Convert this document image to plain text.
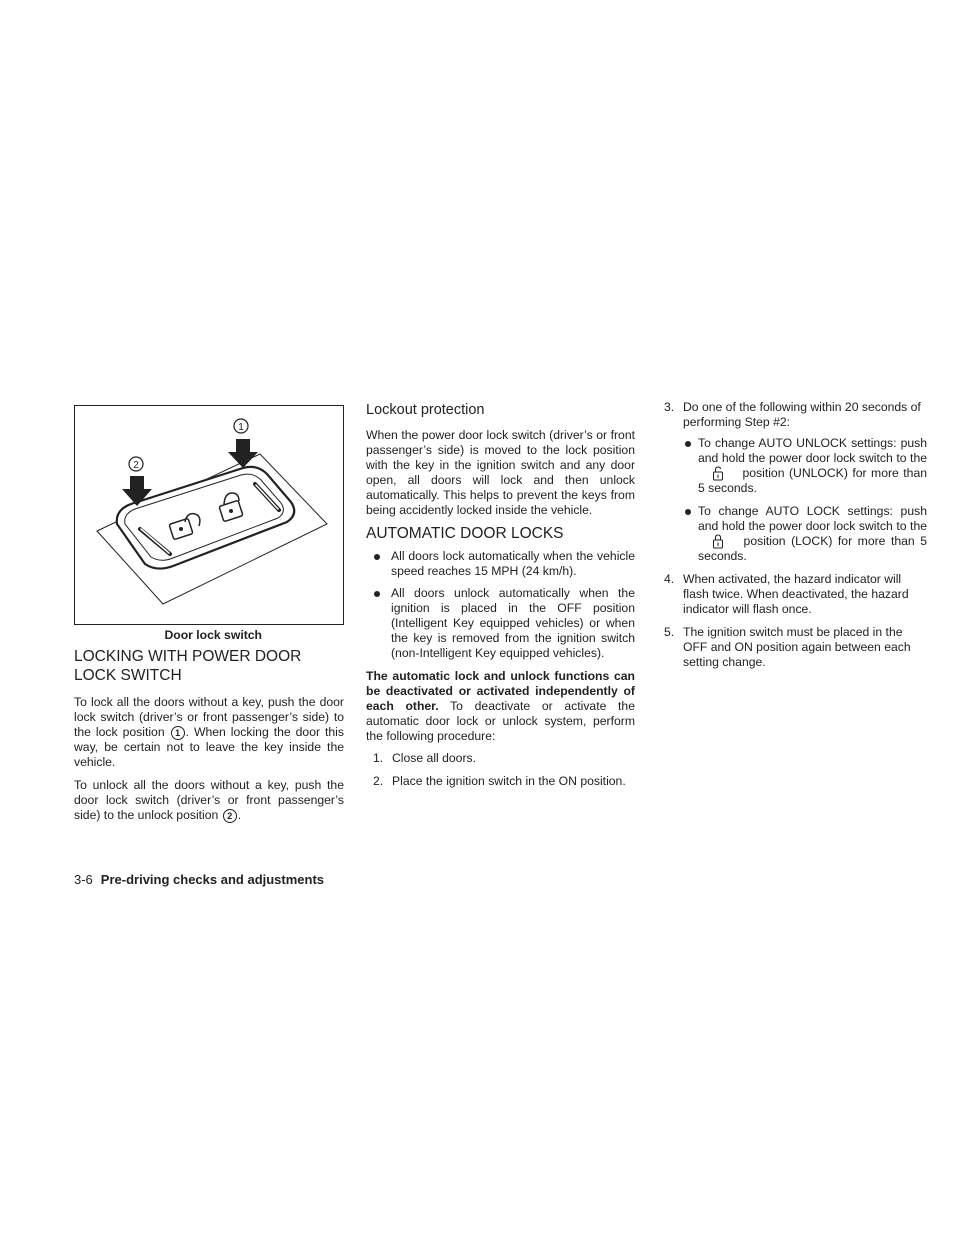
1
2
Door lock switch
LOCKING WITH POWER DOOR LOCK SWITCH

To lock all the doors without a key, push the door lock switch (driver’s or front passenger’s side) to the lock position 1 . When locking the door this way, be certain not to leave the key inside the vehicle.

To unlock all the doors without a key, push the door lock switch (driver’s or front passenger’s side) to the unlock position 2 .

Lockout protection

When the power door lock switch (driver’s or front passenger’s side) is moved to the lock position with the key in the ignition switch and any door open, all doors will lock and then unlock automatically. This helps to prevent the keys from being accidently locked inside the vehicle.

AUTOMATIC DOOR LOCKS
All doors lock automatically when the vehicle speed reaches 15 MPH (24 km/h).
All doors unlock automatically when the ignition is placed in the OFF position (Intelligent Key equipped vehicles) or when the key is removed from the ignition switch (non-Intelligent Key equipped vehicles).

The automatic lock and unlock functions can be deactivated or activated independently of each other. To deactivate or activate the automatic door lock or unlock system, perform the following procedure:

1. Close all doors.
2. Place the ignition switch in the ON position.
3. Do one of the following within 20 seconds of performing Step #2:
To change AUTO UNLOCK settings: push and hold the power door lock switch to the  position (UNLOCK) for more than 5 seconds.
To change AUTO LOCK settings: push and hold the power door lock switch to the  position (LOCK) for more than 5 seconds.
4. When activated, the hazard indicator will flash twice. When deactivated, the hazard indicator will flash once.
5. The ignition switch must be placed in the OFF and ON position again between each setting change.
3-6 Pre-driving checks and adjustments
